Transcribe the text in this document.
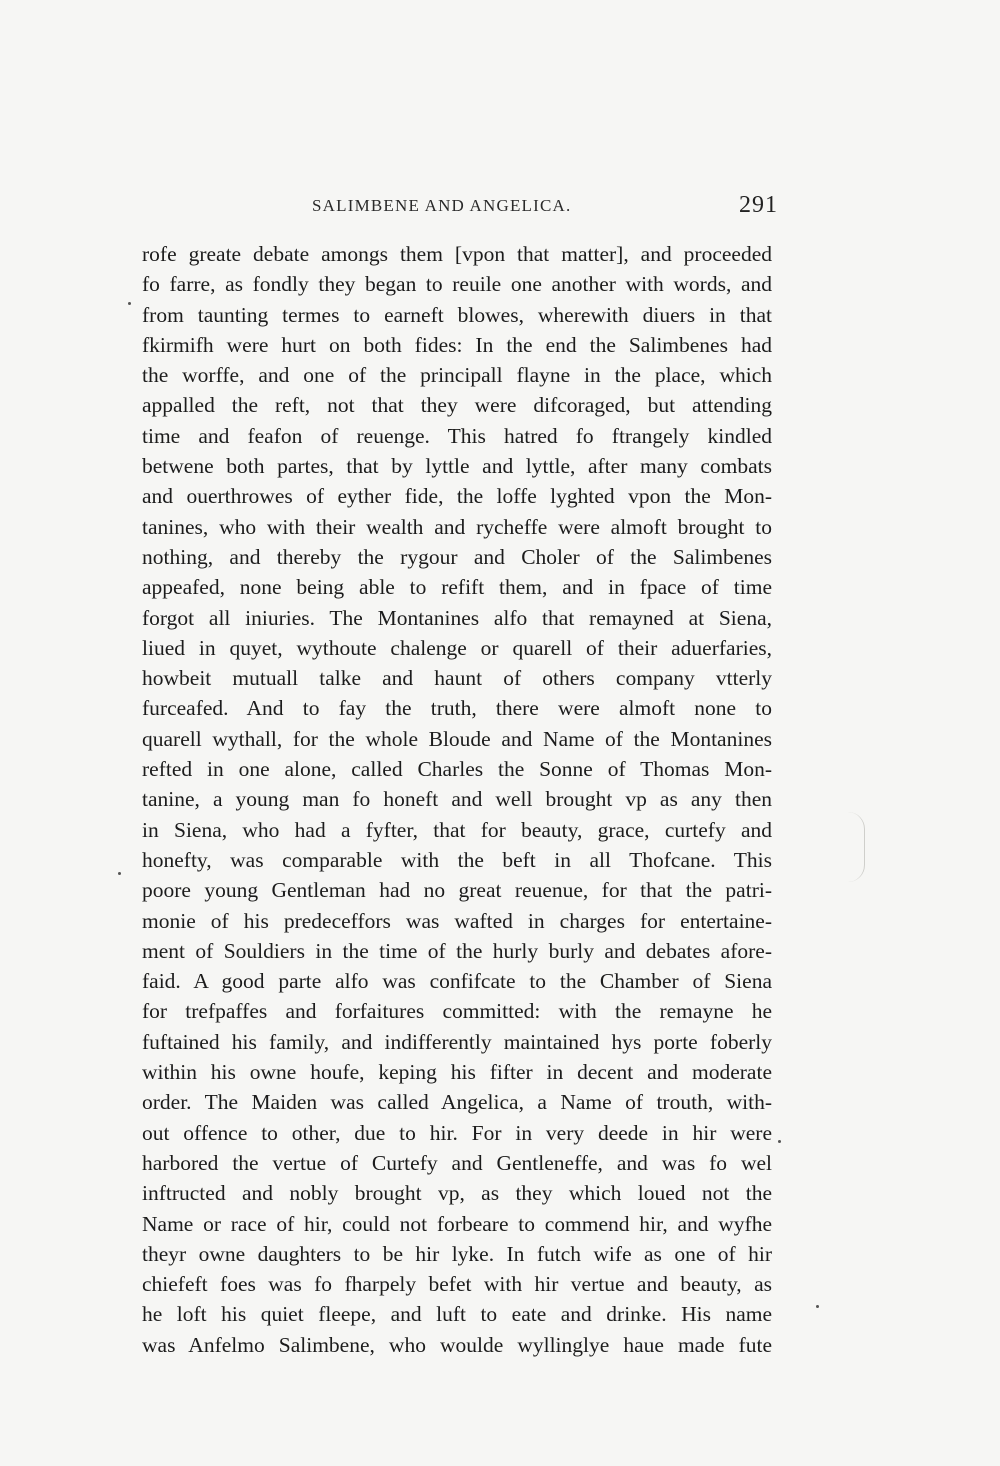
SALIMBENE AND ANGELICA.	291
rofe greate debate amongs them [vpon that matter], and proceeded
fo farre, as fondly they began to reuile one another with words, and
from taunting termes to earneft blowes, wherewith diuers in that
fkirmifh were hurt on both fides: In the end the Salimbenes had
the worffe, and one of the principall flayne in the place, which
appalled the reft, not that they were difcoraged, but attending
time and feafon of reuenge. This hatred fo ftrangely kindled
betwene both partes, that by lyttle and lyttle, after many combats
and ouerthrowes of eyther fide, the loffe lyghted vpon the Mon-
tanines, who with their wealth and rycheffe were almoft brought to
nothing, and thereby the rygour and Choler of the Salimbenes
appeafed, none being able to refift them, and in fpace of time
forgot all iniuries. The Montanines alfo that remayned at Siena,
liued in quyet, wythoute chalenge or quarell of their aduerfaries,
howbeit mutuall talke and haunt of others company vtterly
furceafed. And to fay the truth, there were almoft none to
quarell wythall, for the whole Bloude and Name of the Montanines
refted in one alone, called Charles the Sonne of Thomas Mon-
tanine, a young man fo honeft and well brought vp as any then
in Siena, who had a fyfter, that for beauty, grace, curtefy and
honefty, was comparable with the beft in all Thofcane. This
poore young Gentleman had no great reuenue, for that the patri-
monie of his predeceffors was wafted in charges for entertaine-
ment of Souldiers in the time of the hurly burly and debates afore-
faid. A good parte alfo was confifcate to the Chamber of Siena
for trefpaffes and forfaitures committed: with the remayne he
fuftained his family, and indifferently maintained hys porte foberly
within his owne houfe, keping his fifter in decent and moderate
order. The Maiden was called Angelica, a Name of trouth, with-
out offence to other, due to hir. For in very deede in hir were
harbored the vertue of Curtefy and Gentleneffe, and was fo wel
inftructed and nobly brought vp, as they which loued not the
Name or race of hir, could not forbeare to commend hir, and wyfhe
theyr owne daughters to be hir lyke. In futch wife as one of hir
chiefeft foes was fo fharpely befet with hir vertue and beauty, as
he loft his quiet fleepe, and luft to eate and drinke. His name
was Anfelmo Salimbene, who woulde wyllinglye haue made fute
